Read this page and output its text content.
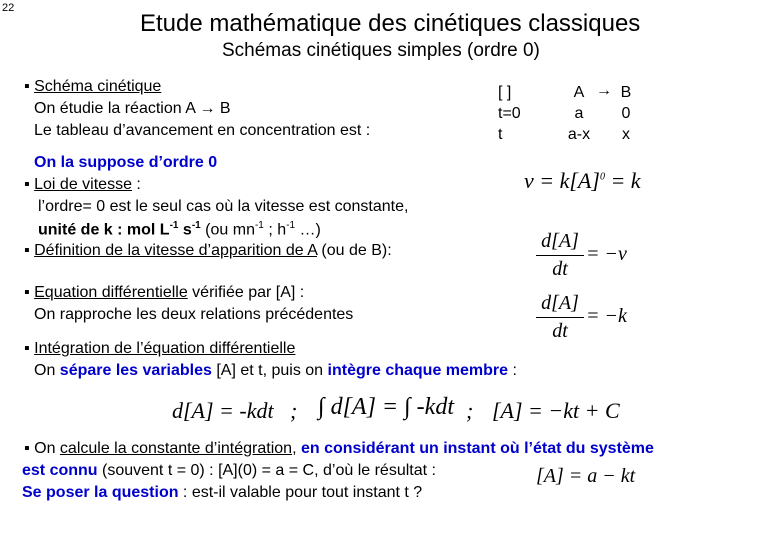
22
Etude mathématique des cinétiques classiques
Schémas cinétiques simples (ordre 0)
▪ Schéma cinétique
On étudie la réaction A → B
Le tableau d’avancement en concentration est :
[ ]
t=0
t
A
a
a-x
→ B
0
x
On la suppose d’ordre 0
▪ Loi de vitesse :
l’ordre= 0 est le seul cas où la vitesse est constante,
unité de k : mol $L^{-1}$ $s^{-1}$ (ou $mn^{-1}$ ; $h^{-1}$ …)
▪ Définition de la vitesse d’apparition de A (ou de B):
$v = k[A]^0 = k$
d[A]
dt
= −v
▪ Equation différentielle vérifiée par [A] :
On rapproche les deux relations précédentes
d[A]
dt
= −k
▪ Intégration de l’équation différentielle
On sépare les variables [A] et t, puis on intègre chaque membre :
d[A] = -kdt ; ∫ d[A] = ∫ -kdt ; [A] = −kt + C
▪ On calcule la constante d’intégration, en considérant un instant où l’état du système
est connu (souvent t = 0) : [A](0) = a = C, d’où le résultat :
Se poser la question : est-il valable pour tout instant t ?
[A] = a − kt
